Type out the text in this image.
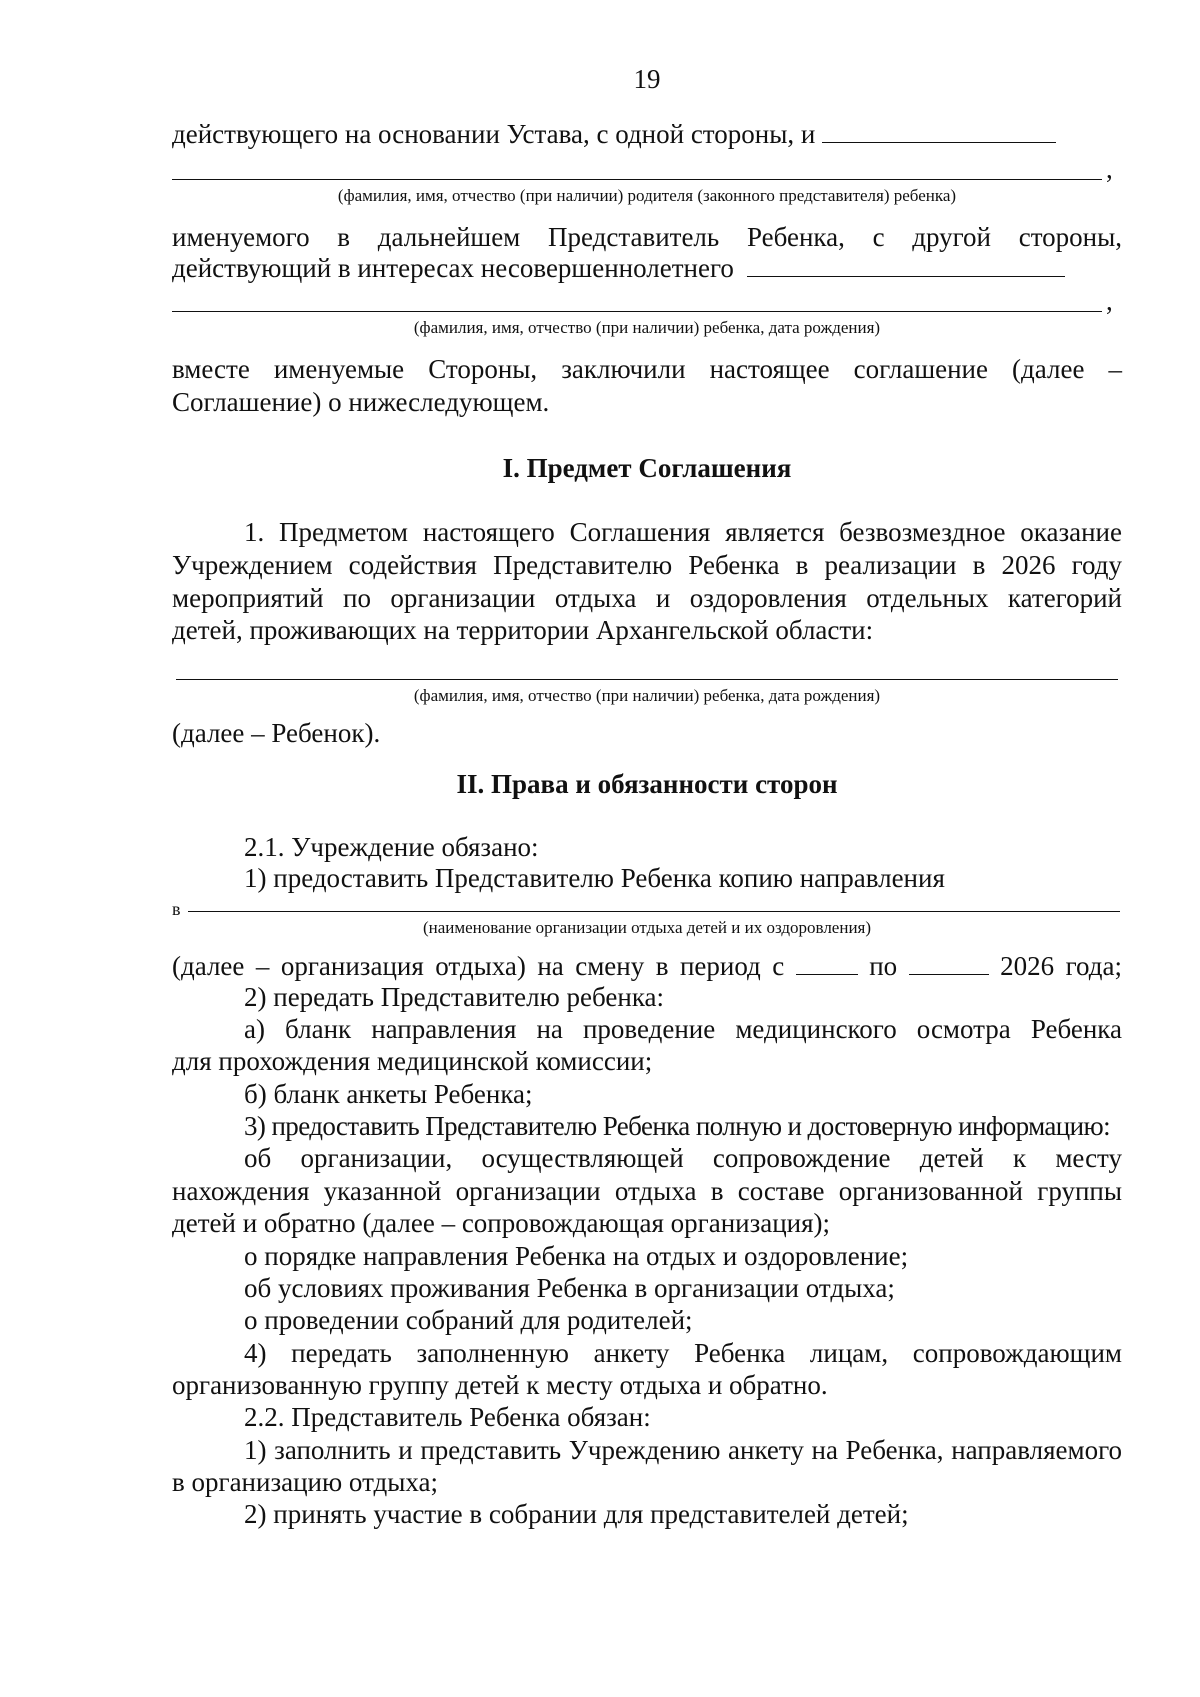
19
действующего на основании Устава, с одной стороны, и
,
(фамилия, имя, отчество (при наличии) родителя (законного представителя) ребенка)
именуемого в дальнейшем Представитель Ребенка, с другой стороны,
действующий в интересах несовершеннолетнего
,
(фамилия, имя, отчество (при наличии) ребенка, дата рождения)
вместе именуемые Стороны, заключили настоящее соглашение (далее –
Соглашение) о нижеследующем.
I. Предмет Соглашения
1. Предметом настоящего Соглашения является безвозмездное оказание
Учреждением содействия Представителю Ребенка в реализации в 2026 году
мероприятий по организации отдыха и оздоровления отдельных категорий
детей, проживающих на территории Архангельской области:
(фамилия, имя, отчество (при наличии) ребенка, дата рождения)
(далее – Ребенок).
II. Права и обязанности сторон
2.1. Учреждение обязано:
1) предоставить Представителю Ребенка копию направления
в
(наименование организации отдыха детей и их оздоровления)
(далее – организация отдыха) на смену в период с	по	2026 года;
2) передать Представителю ребенка:
а) бланк направления на проведение медицинского осмотра Ребенка
для прохождения медицинской комиссии;
б) бланк анкеты Ребенка;
3) предоставить Представителю Ребенка полную и достоверную информацию:
об организации, осуществляющей сопровождение детей к месту
нахождения указанной организации отдыха в составе организованной группы
детей и обратно (далее – сопровождающая организация);
о порядке направления Ребенка на отдых и оздоровление;
об условиях проживания Ребенка в организации отдыха;
о проведении собраний для родителей;
4) передать заполненную анкету Ребенка лицам, сопровождающим
организованную группу детей к месту отдыха и обратно.
2.2. Представитель Ребенка обязан:
1) заполнить и представить Учреждению анкету на Ребенка, направляемого
в организацию отдыха;
2) принять участие в собрании для представителей детей;
